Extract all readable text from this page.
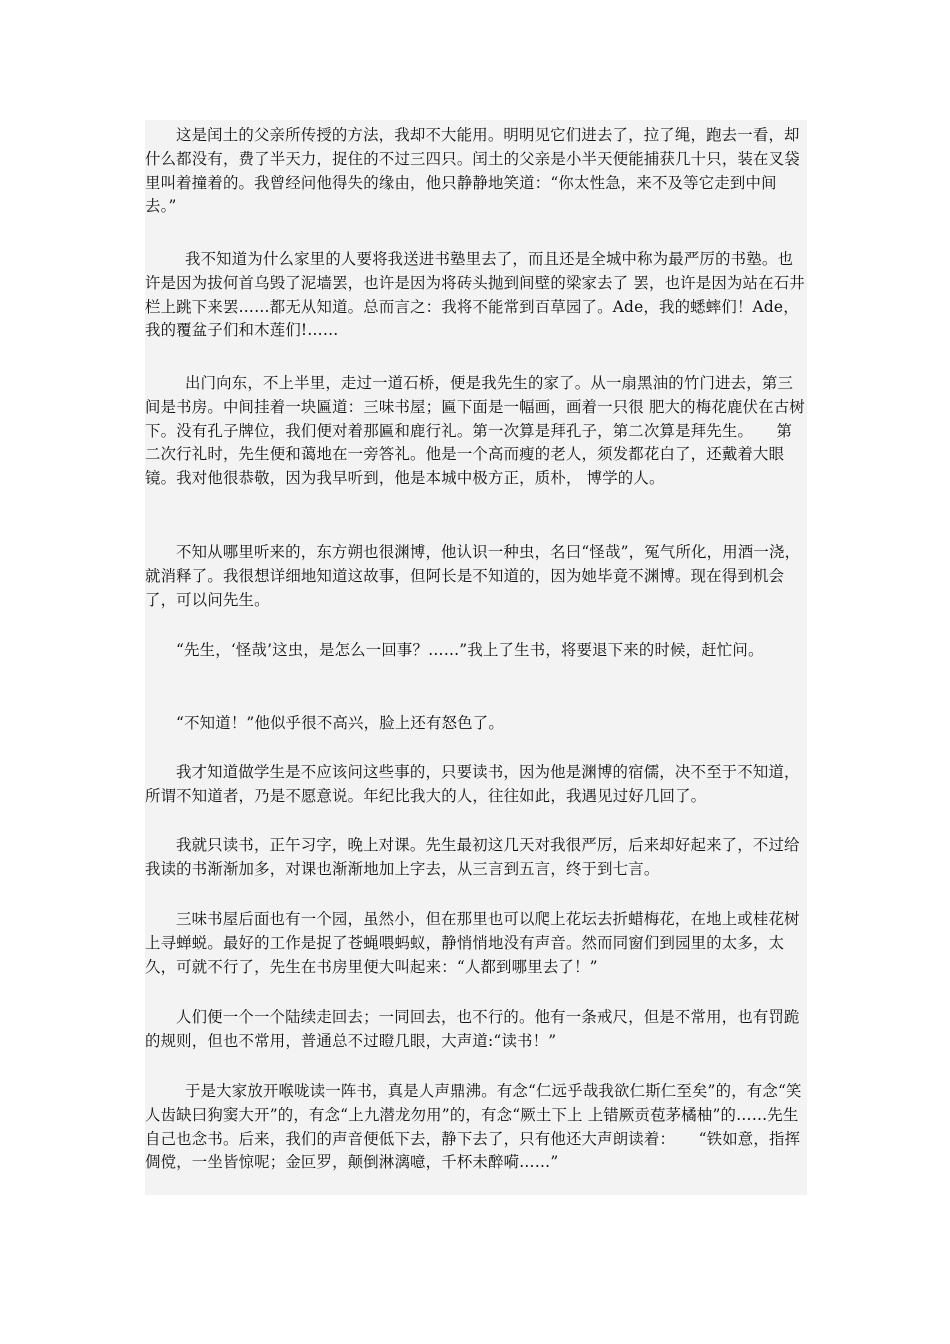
这是闰土的父亲所传授的方法，我却不大能用。明明见它们进去了，拉了绳，跑去一看，却什么都没有，费了半天力，捉住的不过三四只。闰土的父亲是小半天便能捕获几十只，装在叉袋里叫着撞着的。我曾经问他得失的缘由，他只静静地笑道：“你太性急，来不及等它走到中间去。”

我不知道为什么家里的人要将我送进书塾里去了，而且还是全城中称为最严厉的书塾。也许是因为拔何首乌毁了泥墙罢，也许是因为将砖头抛到间壁的梁家去了 罢，也许是因为站在石井栏上跳下来罢……都无从知道。总而言之：我将不能常到百草园了。Ade，我的蟋蟀们！Ade，我的覆盆子们和木莲们!……

出门向东，不上半里，走过一道石桥，便是我先生的家了。从一扇黑油的竹门进去，第三间是书房。中间挂着一块匾道：三味书屋；匾下面是一幅画，画着一只很 肥大的梅花鹿伏在古树下。没有孔子牌位，我们便对着那匾和鹿行礼。第一次算是拜孔子，第二次算是拜先生。　　第二次行礼时，先生便和蔼地在一旁答礼。他是一个高而瘦的老人，须发都花白了，还戴着大眼镜。我对他很恭敬，因为我早听到，他是本城中极方正，质朴， 博学的人。

不知从哪里听来的，东方朔也很渊博，他认识一种虫，名曰“怪哉”，冤气所化，用酒一浇，就消释了。我很想详细地知道这故事，但阿长是不知道的，因为她毕竟不渊博。现在得到机会了，可以问先生。

“先生，‘怪哉’这虫，是怎么一回事？……”我上了生书，将要退下来的时候，赶忙问。

“不知道！”他似乎很不高兴，脸上还有怒色了。

我才知道做学生是不应该问这些事的，只要读书，因为他是渊博的宿儒，决不至于不知道，所谓不知道者，乃是不愿意说。年纪比我大的人，往往如此，我遇见过好几回了。

我就只读书，正午习字，晚上对课。先生最初这几天对我很严厉，后来却好起来了，不过给我读的书渐渐加多，对课也渐渐地加上字去，从三言到五言，终于到七言。

三味书屋后面也有一个园，虽然小，但在那里也可以爬上花坛去折蜡梅花，在地上或桂花树上寻蝉蜕。最好的工作是捉了苍蝇喂蚂蚁，静悄悄地没有声音。然而同窗们到园里的太多，太久，可就不行了，先生在书房里便大叫起来：“人都到哪里去了！”

人们便一个一个陆续走回去；一同回去，也不行的。他有一条戒尺，但是不常用，也有罚跪的规则，但也不常用，普通总不过瞪几眼，大声道:“读书！”

于是大家放开喉咙读一阵书，真是人声鼎沸。有念“仁远乎哉我欲仁斯仁至矣”的，有念“笑人齿缺曰狗窦大开”的，有念“上九潜龙勿用”的，有念“厥土下上 上错厥贡苞茅橘柚”的……先生自己也念书。后来，我们的声音便低下去，静下去了，只有他还大声朗读着：　　“铁如意，指挥倜傥，一坐皆惊呢；金叵罗，颠倒淋漓噫，千杯未醉嗬……”
